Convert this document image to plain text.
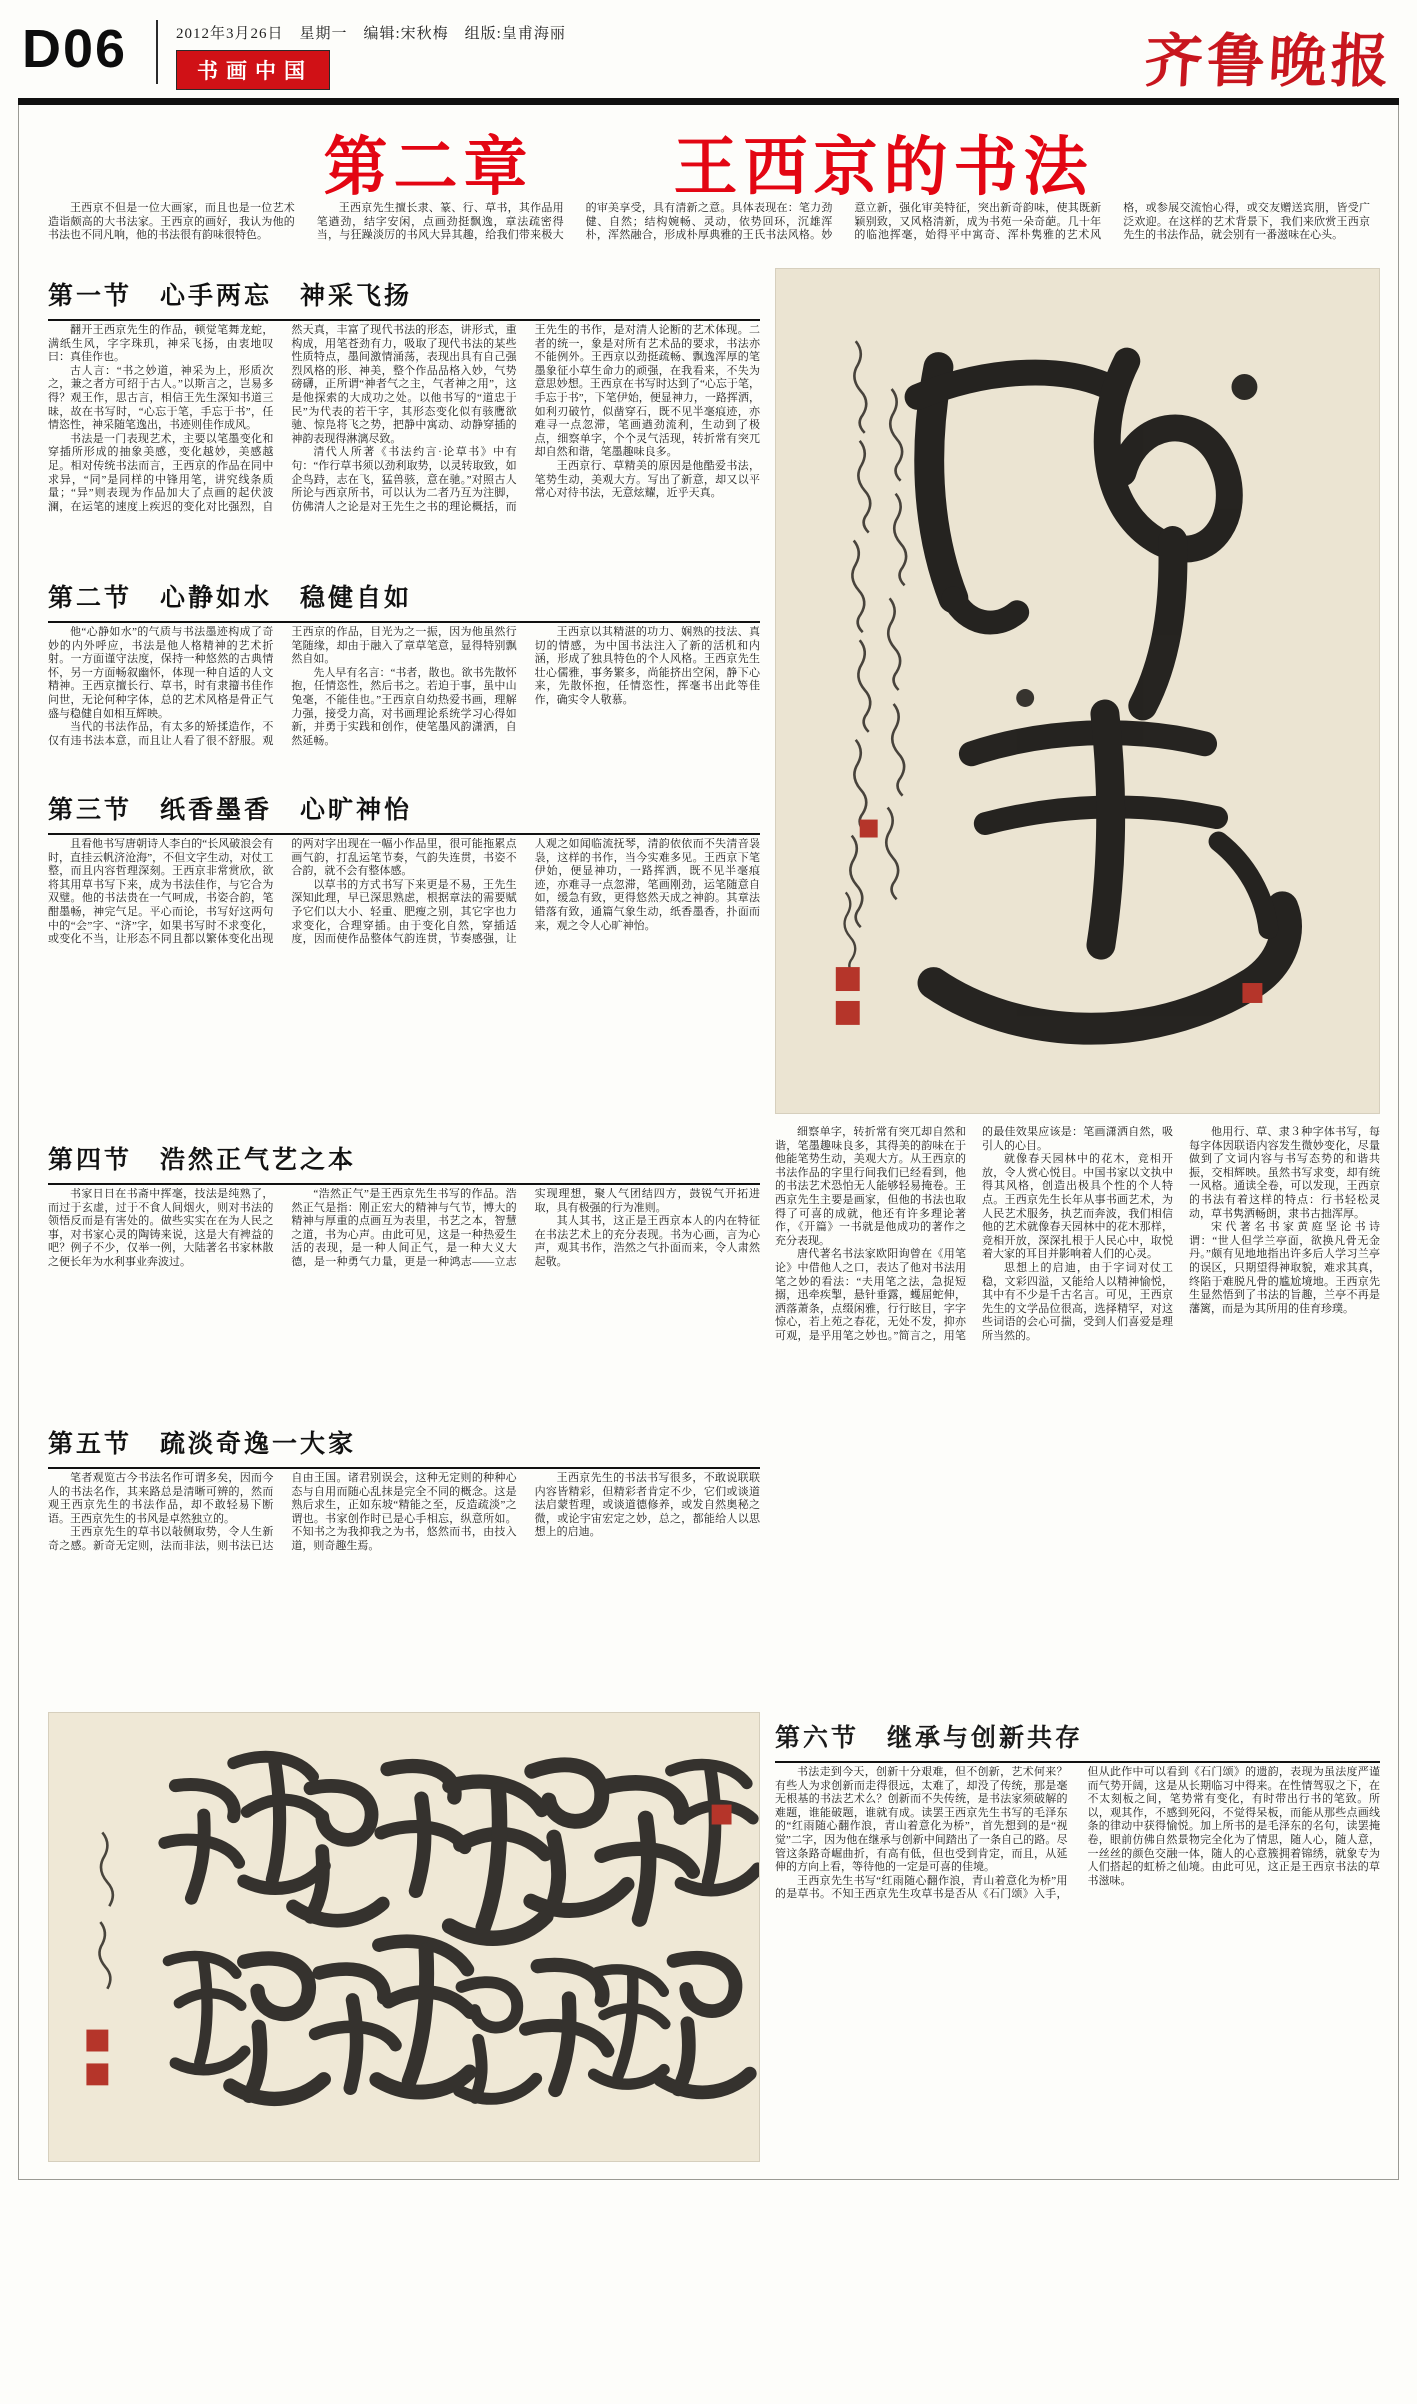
D06	2012年3月26日　星期一　编辑:宋秋梅　组版:皇甫海丽
书画中国	齐鲁晚报
第二章　　王西京的书法

王西京不但是一位大画家，而且也是一位艺术造诣颇高的大书法家。王西京的画好，我认为他的书法也不同凡响，他的书法很有韵味很特色。

王西京先生擅长隶、篆、行、草书，其作品用笔遒劲，结字安闲，点画劲挺飘逸，章法疏密得当，与狂躁淡厉的书风大异其趣，给我们带来极大的审美享受，具有清新之意。具体表现在：笔力劲健、自然；结构婉畅、灵动，依势回环，沉雄浑朴，浑然融合，形成朴厚典雅的王氏书法风格。妙意立新，强化审美特征，突出新奇韵味，使其既新颖别致，又风格清新，成为书苑一朵奇葩。几十年的临池挥毫，始得平中寓奇、浑朴隽雅的艺术风格，或参展交流怡心得，或交友赠送宾朋，皆受广泛欢迎。在这样的艺术背景下，我们来欣赏王西京先生的书法作品，就会别有一番滋味在心头。

第一节　心手两忘　神采飞扬

翻开王西京先生的作品，顿觉笔舞龙蛇，满纸生风，字字珠玑，神采飞扬，由衷地叹曰：真佳作也。

古人言：“书之妙道，神采为上，形质次之，兼之者方可绍于古人。”以斯言之，岂易多得？观王作，思古言，相信王先生深知书道三昧，故在书写时，“心忘于笔，手忘于书”，任情恣性，神采随笔逸出，书迹则佳作成风。

书法是一门表现艺术，主要以笔墨变化和穿插所形成的抽象美感，变化越妙，美感越足。相对传统书法而言，王西京的作品在同中求异，“同”是同样的中锋用笔，讲究线条质量；“异”则表现为作品加大了点画的起伏波澜，在运笔的速度上疾迟的变化对比强烈，自然天真，丰富了现代书法的形态，讲形式，重构成，用笔苍劲有力，吸取了现代书法的某些性质特点，墨间激情涌荡，表现出具有自己强烈风格的形、神美，整个作品品格入妙，气势磅礴，正所谓“神者气之主，气者神之用”，这是他探索的大成功之处。以他书写的“道忠于民”为代表的若干字，其形态变化似有骇鹰欲驰、惊凫将飞之势，把静中寓动、动静穿插的神韵表现得淋漓尽致。

清代人所著《书法约言·论草书》中有句：“作行草书须以劲利取势，以灵转取致，如企鸟跱，志在飞，猛兽骇，意在驰。”对照古人所论与西京所书，可以认为二者乃互为注脚，仿佛清人之论是对王先生之书的理论概括，而王先生的书作，是对清人论断的艺术体现。二者的统一，象是对所有艺术品的要求，书法亦不能例外。王西京以劲挺疏畅、飘逸浑厚的笔墨象征小草生命力的顽强，在我看来，不失为意思妙想。王西京在书写时达到了“心忘于笔，手忘于书”，下笔伊始，便显神力，一路挥洒，如利刃破竹，似凿穿石，既不见半毫痕迹，亦难寻一点忽滞，笔画遒劲流利，生动到了极点，细察单字，个个灵气活现，转折常有突兀却自然和谐，笔墨趣味良多。

王西京行、草精美的原因是他酷爱书法，笔势生动，美观大方。写出了新意，却又以平常心对待书法，无意炫耀，近乎天真。

第二节　心静如水　稳健自如

他“心静如水”的气质与书法墨迹构成了奇妙的内外呼应，书法是他人格精神的艺术折射。一方面谨守法度，保持一种悠然的古典情怀，另一方面畅叙幽怀，体现一种自适的人文精神。王西京擅长行、草书，时有隶籀书佳作问世，无论何种字体，总的艺术风格是骨正气盛与稳健自如相互辉映。

当代的书法作品，有太多的矫揉造作，不仅有违书法本意，而且让人看了很不舒服。观王西京的作品，目光为之一振，因为他虽然行笔随缘，却由于融入了章草笔意，显得特别飘然自如。

先人早有名言：“书者，散也。欲书先散怀抱，任情恣性，然后书之。若迫于事，虽中山兔毫，不能佳也。”王西京自幼热爱书画，理解力强，接受力高，对书画理论系统学习心得如新，并勇于实践和创作，使笔墨风韵潇洒，自然延畅。

王西京以其精湛的功力、娴熟的技法、真切的情感，为中国书法注入了新的活机和内涵，形成了独具特色的个人风格。王西京先生壮心儒雅，事务繁多，尚能挤出空闲，静下心来，先散怀抱，任情恣性，挥毫书出此等佳作，确实令人敬慕。

第三节　纸香墨香　心旷神怡

且看他书写唐朝诗人李白的“长风破浪会有时，直挂云帆济沧海”，不但文字生动，对仗工整，而且内容哲理深刻。王西京非常赏欣，欲将其用草书写下来，成为书法佳作，与它合为双璧。他的书法贵在一气呵成，书姿合韵，笔酣墨畅，神完气足。平心而论，书写好这两句中的“会”字、“济”字，如果书写时不求变化，或变化不当，让形态不同且都以繁体变化出现的两对字出现在一幅小作品里，很可能拖累点画气韵，打乱运笔节奏，气韵失连贯，书姿不合韵，就不会有整体感。

以草书的方式书写下来更是不易，王先生深知此理，早已深思熟虑，根据章法的需要赋予它们以大小、轻重、肥瘦之别，其它字也力求变化，合理穿插。由于变化自然，穿插适度，因而使作品整体气韵连贯，节奏感强，让人观之如闻临流抚琴，清韵依依而不失清音袅袅，这样的书作，当今实难多见。王西京下笔伊始，便显神功，一路挥洒，既不见半毫痕迹，亦难寻一点忽滞，笔画刚劲，运笔随意自如，缓急有致，更得悠然天成之神韵。其章法错落有致，通篇气象生动，纸香墨香，扑面而来，观之令人心旷神怡。

第四节　浩然正气艺之本

书家日日在书斋中挥毫，技法是纯熟了，而过于玄虚，过于不食人间烟火，则对书法的领悟反而是有害处的。做些实实在在为人民之事，对书家心灵的陶铸来说，这是大有裨益的吧？例子不少，仅举一例，大陆著名书家林散之便长年为水利事业奔波过。

“浩然正气”是王西京先生书写的作品。浩然正气是指：刚正宏大的精神与气节，博大的精神与厚重的点画互为表里，书艺之本，智慧之道，书为心声。由此可见，这是一种热爱生活的表现，是一种人间正气，是一种大义大德，是一种勇气力量，更是一种鸿志——立志实现理想，聚人气团结四方，鼓锐气开拓进取，具有极强的行为准则。

其人其书，这正是王西京本人的内在特征在书法艺术上的充分表现。书为心画，言为心声，观其书作，浩然之气扑面而来，令人肃然起敬。

第五节　疏淡奇逸一大家

笔者观览古今书法名作可谓多矣，因而今人的书法名作，其来路总是清晰可辨的，然而观王西京先生的书法作品，却不敢轻易下断语。王西京先生的书风是卓然独立的。

王西京先生的草书以敧侧取势，令人生新奇之感。新奇无定则，法而非法，则书法已达自由王国。诸君别误会，这种无定则的种种心态与自用而随心乱抹是完全不同的概念。这是熟后求生，正如东坡“精能之至，反造疏淡”之谓也。书家创作时已是心手相忘，纵意所如。不知书之为我抑我之为书，悠然而书，由技入道，则奇趣生焉。

王西京先生的书法书写很多，不敢说联联内容皆精彩，但精彩者肯定不少，它们或谈道法启蒙哲理，或谈道德修养，或发自然奥秘之微，或论宇宙宏定之妙，总之，都能给人以思想上的启迪。

细察单字，转折常有突兀却自然和谐，笔墨趣味良多，其得美的韵味在于他能笔势生动，美观大方。从王西京的书法作品的字里行间我们已经看到，他的书法艺术恐怕无人能够轻易掩卷。王西京先生主要是画家，但他的书法也取得了可喜的成就，他还有许多理论著作，《开篇》一书就是他成功的著作之充分表现。

唐代著名书法家欧阳询曾在《用笔论》中借他人之口，表达了他对书法用笔之妙的看法：“夫用笔之法，急捉短搦，迅牵疾掣，悬针垂露，蠖屈蛇伸，洒落萧条，点缀闲雅，行行眩目，字字惊心，若上苑之春花，无处不发，抑亦可观，是乎用笔之妙也。”简言之，用笔的最佳效果应该是：笔画潇洒自然，吸引人的心目。

就像春天园林中的花木，竞相开放，令人赏心悦目。中国书家以文执中得其风格，创造出极具个性的个人特点。王西京先生长年从事书画艺术，为人民艺术服务，执艺而奔波，我们相信他的艺术就像春天园林中的花木那样，竞相开放，深深扎根于人民心中，取悦着大家的耳目并影响着人们的心灵。

思想上的启迪，由于字词对仗工稳，文彩四溢，又能给人以精神愉悦，其中有不少是千古名言。可见，王西京先生的文学品位很高，选择精罕，对这些词语的会心可揣，受到人们喜爱是理所当然的。

他用行、草、隶３种字体书写，每每字体因联语内容发生微妙变化，尽量做到了文词内容与书写态势的和谐共振，交相辉映。虽然书写求变，却有统一风格。通读全卷，可以发现，王西京的书法有着这样的特点：行书轻松灵动，草书隽洒畅朗，隶书古拙浑厚。

宋代著名书家黄庭坚论书诗谓：“世人但学兰亭面，欲换凡骨无金丹。”颇有见地地指出许多后人学习兰亭的误区，只期望得神取貌，难求其真，终陷于难脱凡骨的尴尬境地。王西京先生显然悟到了书法的旨趣，兰亭不再是藩篱，而是为其所用的佳育珍璞。

第六节　继承与创新共存

书法走到今天，创新十分艰难，但不创新，艺术何来？有些人为求创新而走得很远，太难了，却没了传统，那是毫无根基的书法艺术么？创新而不失传统，是书法家须破解的难题，谁能破题，谁就有成。读罢王西京先生书写的毛泽东的“红雨随心翻作浪，青山着意化为桥”，首先想到的是“视觉”二字，因为他在继承与创新中间踏出了一条自己的路。尽管这条路奇崛曲折，有高有低，但也受到肯定，而且，从延伸的方向上看，等待他的一定是可喜的佳境。

王西京先生书写“红雨随心翻作浪，青山着意化为桥”用的是草书。不知王西京先生攻草书是否从《石门颂》入手，但从此作中可以看到《石门颂》的遗韵，表现为虽法度严谨而气势开阔，这是从长期临习中得来。在性情驾驭之下，在不太刻板之间，笔势常有变化，有时带出行书的笔致。所以，观其作，不感到死闷，不觉得呆板，而能从那些点画线条的律动中获得愉悦。加上所书的是毛泽东的名句，读罢掩卷，眼前仿佛自然景物完全化为了情思，随人心，随人意，一丝丝的颜色交融一体，随人的心意簇拥着锦绣，就象专为人们搭起的虹桥之仙境。由此可见，这正是王西京书法的草书滋味。
